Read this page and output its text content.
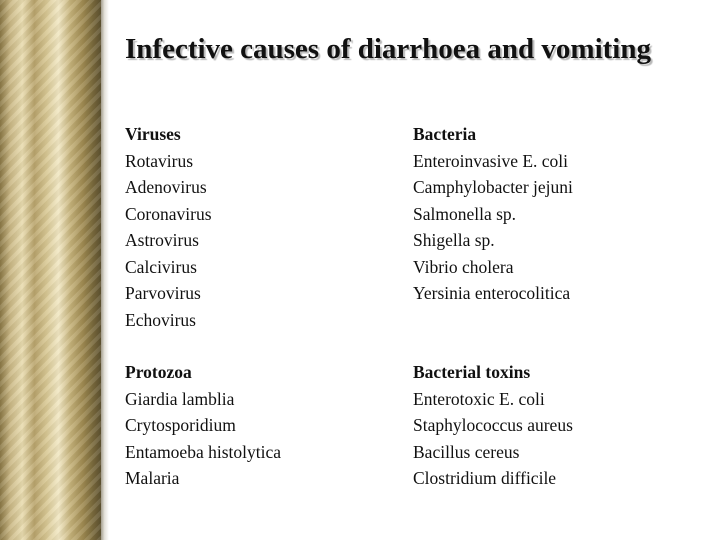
Infective causes of diarrhoea and vomiting
Viruses
Rotavirus
Adenovirus
Coronavirus
Astrovirus
Calcivirus
Parvovirus
Echovirus
Bacteria
Enteroinvasive E. coli
Camphylobacter jejuni
Salmonella sp.
Shigella sp.
Vibrio cholera
Yersinia enterocolitica
Protozoa
Giardia lamblia
Crytosporidium
Entamoeba histolytica
Malaria
Bacterial toxins
Enterotoxic E. coli
Staphylococcus aureus
Bacillus cereus
Clostridium difficile
